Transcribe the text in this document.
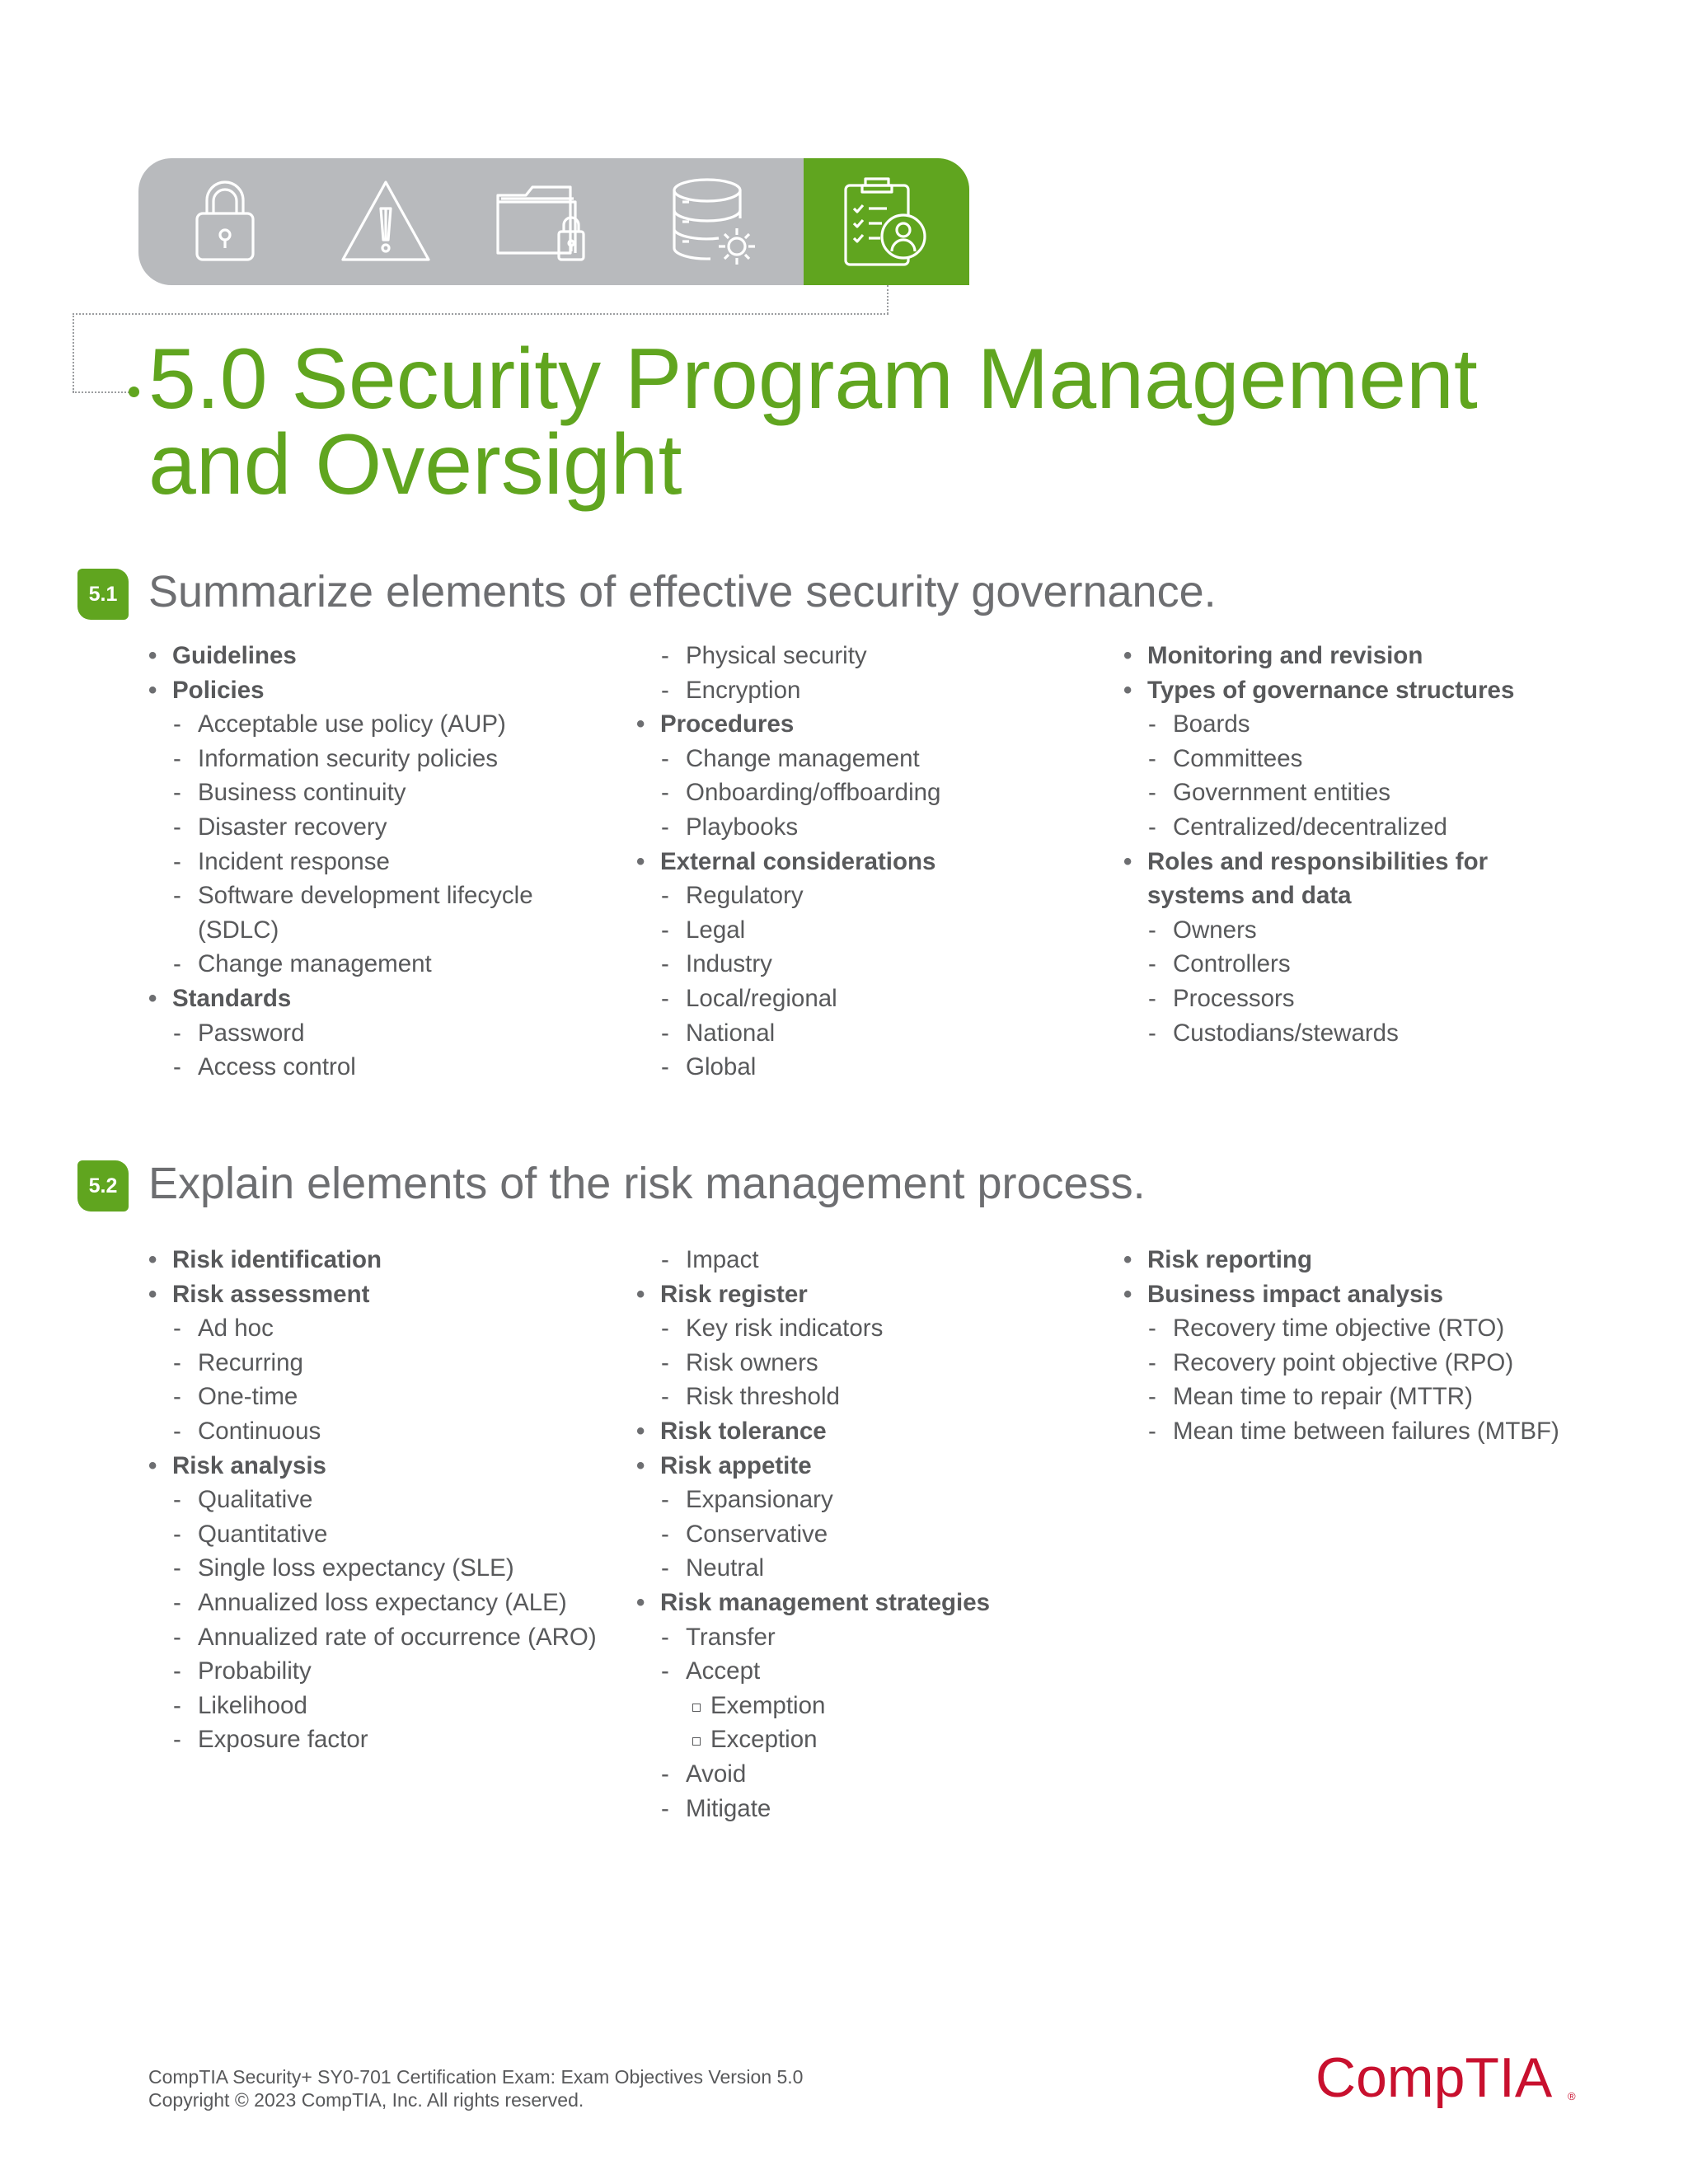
5.0 Security Program Management
and Oversight
5.1 Summarize elements of effective security governance.
• Guidelines
• Policies
- Acceptable use policy (AUP)
- Information security policies
- Business continuity
- Disaster recovery
- Incident response
- Software development lifecycle (SDLC)
- Change management
• Standards
- Password
- Access control
- Physical security
- Encryption
• Procedures
- Change management
- Onboarding/offboarding
- Playbooks
• External considerations
- Regulatory
- Legal
- Industry
- Local/regional
- National
- Global
• Monitoring and revision
• Types of governance structures
- Boards
- Committees
- Government entities
- Centralized/decentralized
• Roles and responsibilities for systems and data
- Owners
- Controllers
- Processors
- Custodians/stewards
5.2 Explain elements of the risk management process.
• Risk identification
• Risk assessment
- Ad hoc
- Recurring
- One-time
- Continuous
• Risk analysis
- Qualitative
- Quantitative
- Single loss expectancy (SLE)
- Annualized loss expectancy (ALE)
- Annualized rate of occurrence (ARO)
- Probability
- Likelihood
- Exposure factor
- Impact
• Risk register
- Key risk indicators
- Risk owners
- Risk threshold
• Risk tolerance
• Risk appetite
- Expansionary
- Conservative
- Neutral
• Risk management strategies
- Transfer
- Accept
Exemption
Exception
- Avoid
- Mitigate
• Risk reporting
• Business impact analysis
- Recovery time objective (RTO)
- Recovery point objective (RPO)
- Mean time to repair (MTTR)
- Mean time between failures (MTBF)
CompTIA Security+ SY0-701 Certification Exam: Exam Objectives Version 5.0
Copyright © 2023 CompTIA, Inc. All rights reserved.	CompTIA ®
